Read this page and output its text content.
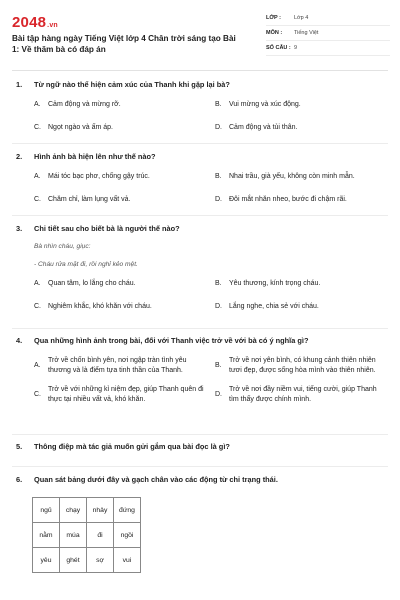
2048.vn
Bài tập hàng ngày Tiếng Việt lớp 4 Chân trời sáng tạo Bài 1: Về thăm bà có đáp án
LỚP :	Lớp 4
MÔN :	Tiếng Việt
SỐ CÂU : 9
1.	Từ ngữ nào thể hiện cảm xúc của Thanh khi gặp lại bà?
A.	Cảm động và mừng rỡ.	B.	Vui mừng và xúc động.
C.	Ngọt ngào và ấm áp.	D.	Cảm động và tủi thân.
2.	Hình ảnh bà hiện lên như thế nào?
A.	Mái tóc bạc phơ, chống gậy trúc.	B.	Nhai trầu, già yếu, không còn minh mẫn.
C.	Chăm chỉ, làm lụng vất vả.	D.	Đôi mắt nhăn nheo, bước đi chậm rãi.
3.	Chi tiết sau cho biết bà là người thế nào?
Bà nhìn cháu, giục:
- Cháu rửa mặt đi, rồi nghỉ kẻo mệt.
A.	Quan tâm, lo lắng cho cháu.	B.	Yêu thương, kính trọng cháu.
C.	Nghiêm khắc, khó khăn với cháu.	D.	Lắng nghe, chia sẻ với cháu.
4.	Qua những hình ảnh trong bài, đối với Thanh việc trở về với bà có ý nghĩa gì?
A.
Trở về chốn bình yên, nơi ngập tràn tình yêu thương và là điểm tựa tinh thần của Thanh.
B.
Trở về nơi yên bình, có khung cảnh thiên nhiên tươi đẹp, được sống hòa mình vào thiên nhiên.
C.
Trở về với những kỉ niệm đẹp, giúp Thanh quên đi thực tại nhiều vất vả, khó khăn.
D.
Trở về nơi đầy niềm vui, tiếng cười, giúp Thanh tìm thấy được chính mình.
5.	Thông điệp mà tác giả muốn gửi gắm qua bài đọc là gì?
6.	Quan sát bảng dưới đây và gạch chân vào các động từ chỉ trạng thái.
ngủ	chạy	nhảy	đứng
nằm	múa	đi	ngồi
yêu	ghét	sợ	vui
